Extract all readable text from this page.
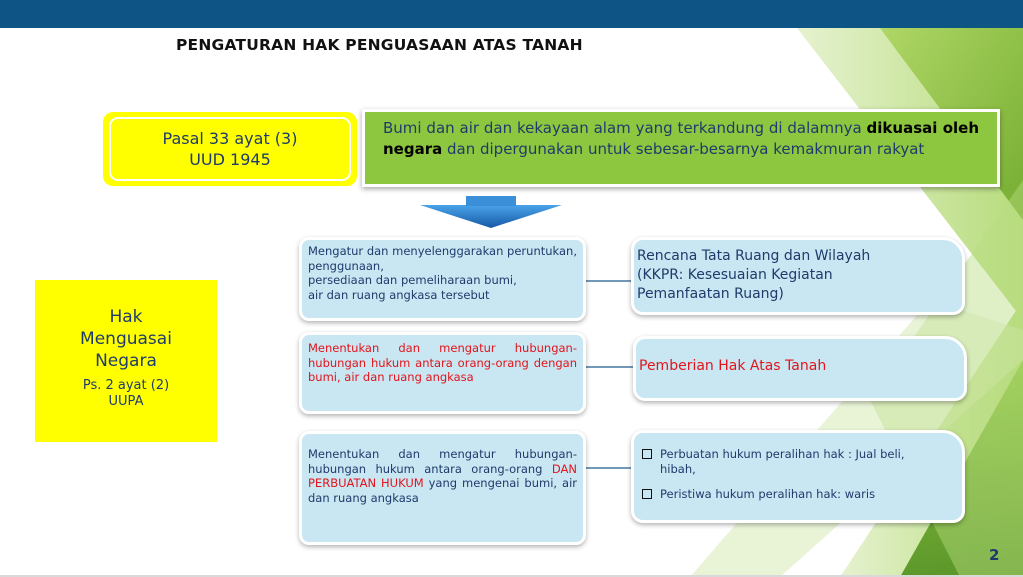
PENGATURAN HAK PENGUASAAN ATAS TANAH
Pasal 33 ayat (3)
UUD 1945
Bumi dan air dan kekayaan alam yang terkandung di dalamnya dikuasai oleh negara dan dipergunakan untuk sebesar-besarnya kemakmuran rakyat
Hak
Menguasai
Negara
Ps. 2 ayat (2)
UUPA
Mengatur dan menyelenggarakan peruntukan, penggunaan,
persediaan dan pemeliharaan bumi,
air dan ruang angkasa tersebut
Menentukan dan mengatur hubungan-hubungan hukum antara orang-orang dengan bumi, air dan ruang angkasa
Menentukan dan mengatur hubungan-hubungan hukum antara orang-orang DAN PERBUATAN HUKUM yang mengenai bumi, air dan ruang angkasa
Rencana Tata Ruang dan Wilayah
(KKPR: Kesesuaian Kegiatan
Pemanfaatan Ruang)
Pemberian Hak Atas Tanah
Perbuatan hukum peralihan hak : Jual beli, hibah,
Peristiwa hukum peralihan hak: waris
2
